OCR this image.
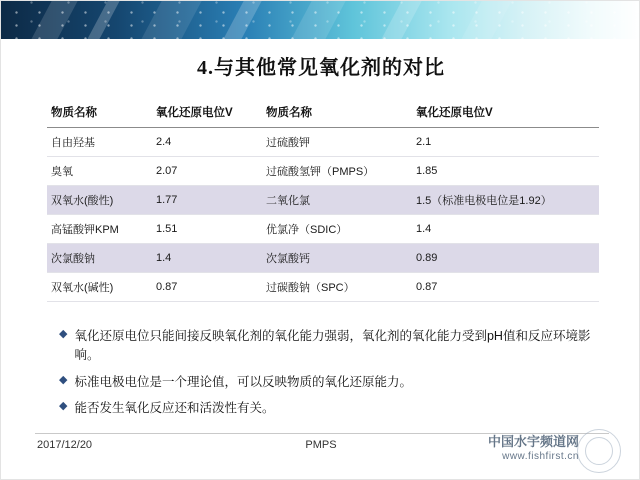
4.与其他常见氧化剂的对比
物质名称	氧化还原电位V	物质名称	氧化还原电位V
自由羟基	2.4	过硫酸钾	2.1
臭氧	2.07	过硫酸氢钾（PMPS）	1.85
双氧水(酸性)	1.77	二氧化氯	1.5（标准电极电位是1.92）
高锰酸钾KPM	1.51	优氯净（SDIC）	1.4
次氯酸钠	1.4	次氯酸钙	0.89
双氧水(碱性)	0.87	过碳酸钠（SPC）	0.87
◆ 氧化还原电位只能间接反映氧化剂的氧化能力强弱，氧化剂的氧化能力受到pH值和反应环境影响。
◆ 标准电极电位是一个理论值，可以反映物质的氧化还原能力。
◆ 能否发生氧化反应还和活泼性有关。
2017/12/20	PMPS	中国水宇频道网
www.fishfirst.cn
